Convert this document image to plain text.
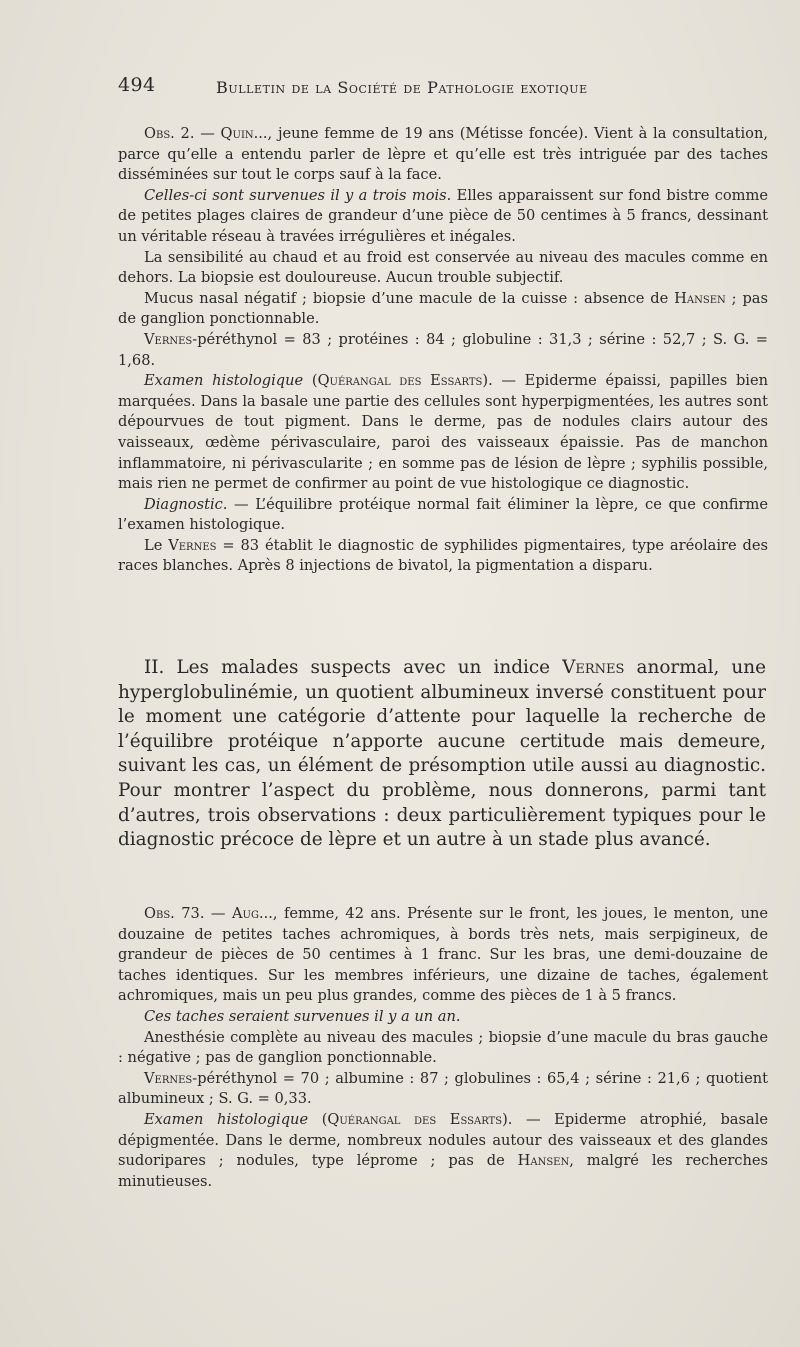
494	Bulletin de la Société de Pathologie exotique

Obs. 2. — Quin..., jeune femme de 19 ans (Métisse foncée). Vient à la consultation, parce qu’elle a entendu parler de lèpre et qu’elle est très intriguée par des taches disséminées sur tout le corps sauf à la face.

Celles-ci sont survenues il y a trois mois. Elles apparaissent sur fond bistre comme de petites plages claires de grandeur d’une pièce de 50 centimes à 5 francs, dessinant un véritable réseau à travées irrégulières et inégales.

La sensibilité au chaud et au froid est conservée au niveau des macules comme en dehors. La biopsie est douloureuse. Aucun trouble subjectif.

Mucus nasal négatif ; biopsie d’une macule de la cuisse : absence de Hansen ; pas de ganglion ponctionnable.

Vernes-péréthynol = 83 ; protéines : 84 ; globuline : 31,3 ; sérine : 52,7 ; S. G. = 1,68.

Examen histologique (Quérangal des Essarts). — Epiderme épaissi, papilles bien marquées. Dans la basale une partie des cellules sont hyperpigmentées, les autres sont dépourvues de tout pigment. Dans le derme, pas de nodules clairs autour des vaisseaux, œdème périvasculaire, paroi des vaisseaux épaissie. Pas de manchon inflammatoire, ni périvascularite ; en somme pas de lésion de lèpre ; syphilis possible, mais rien ne permet de confirmer au point de vue histologique ce diagnostic.

Diagnostic. — L’équilibre protéique normal fait éliminer la lèpre, ce que confirme l’examen histologique.

Le Vernes = 83 établit le diagnostic de syphilides pigmentaires, type aréolaire des races blanches. Après 8 injections de bivatol, la pigmentation a disparu.

II. Les malades suspects avec un indice Vernes anormal, une hyperglobulinémie, un quotient albumineux inversé constituent pour le moment une catégorie d’attente pour laquelle la recherche de l’équilibre protéique n’apporte aucune certitude mais demeure, suivant les cas, un élément de présomption utile aussi au diagnostic. Pour montrer l’aspect du problème, nous donnerons, parmi tant d’autres, trois observations : deux particulièrement typiques pour le diagnostic précoce de lèpre et un autre à un stade plus avancé.

Obs. 73. — Aug..., femme, 42 ans. Présente sur le front, les joues, le menton, une douzaine de petites taches achromiques, à bords très nets, mais serpigineux, de grandeur de pièces de 50 centimes à 1 franc. Sur les bras, une demi-douzaine de taches identiques. Sur les membres inférieurs, une dizaine de taches, également achromiques, mais un peu plus grandes, comme des pièces de 1 à 5 francs.

Ces taches seraient survenues il y a un an.

Anesthésie complète au niveau des macules ; biopsie d’une macule du bras gauche : négative ; pas de ganglion ponctionnable.

Vernes-péréthynol = 70 ; albumine : 87 ; globulines : 65,4 ; sérine : 21,6 ; quotient albumineux ; S. G. = 0,33.

Examen histologique (Quérangal des Essarts). — Epiderme atrophié, basale dépigmentée. Dans le derme, nombreux nodules autour des vaisseaux et des glandes sudoripares ; nodules, type léprome ; pas de Hansen, malgré les recherches minutieuses.
